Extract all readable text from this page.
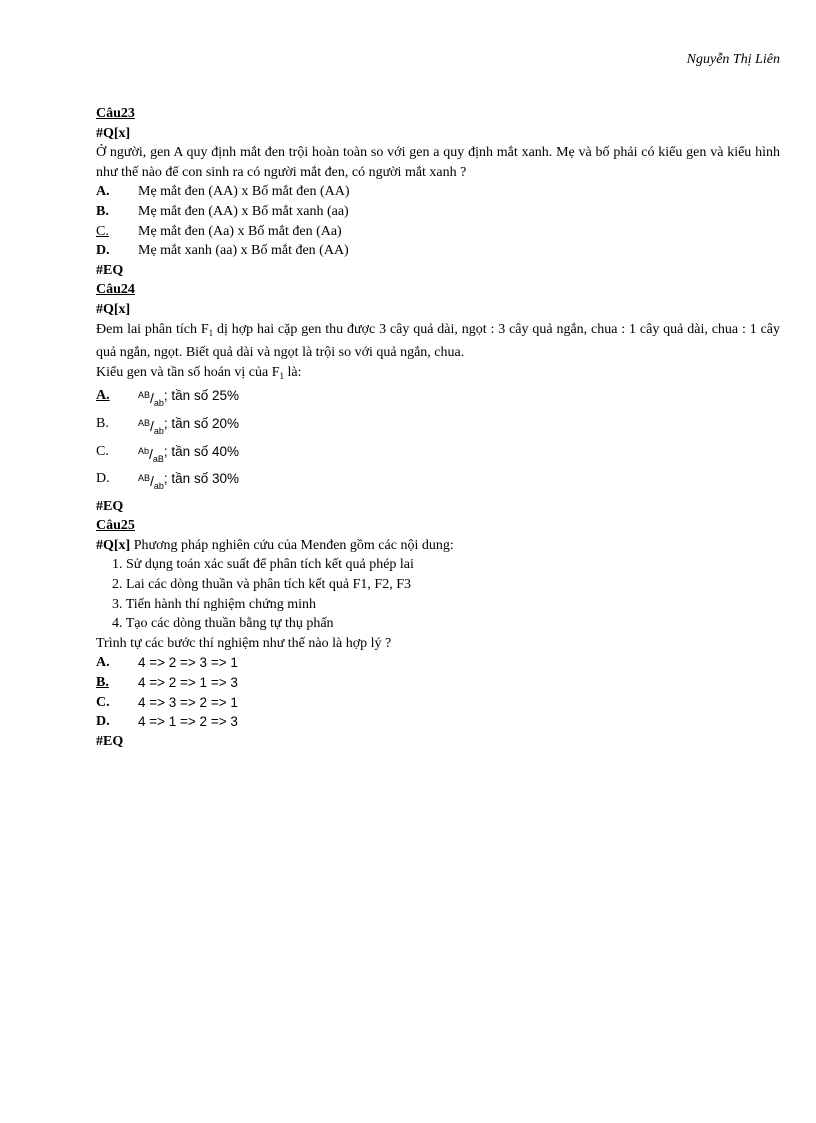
Nguyễn Thị Liên
Câu23
#Q[x]
Ở người, gen A quy định mắt đen trội hoàn toàn so với gen a quy định mắt xanh. Mẹ và bố phải có kiểu gen và kiểu hình như thế nào để con sinh ra có người mắt đen, có người mắt xanh ?
A.	Mẹ mắt đen (AA) x Bố mắt đen (AA)
B.	Mẹ mắt đen (AA) x Bố mắt xanh (aa)
C.	Mẹ mắt đen (Aa) x Bố mắt đen (Aa)
D.	Mẹ mắt xanh (aa) x Bố mắt đen (AA)
#EQ
Câu24
#Q[x]
Đem lai phân tích $F_1$ dị hợp hai cặp gen thu được 3 cây quả dài, ngọt : 3 cây quả ngắn, chua : 1 cây quả dài, chua : 1 cây quả ngắn, ngọt. Biết quả dài và ngọt là trội so với quả ngắn, chua.
Kiểu gen và tần số hoán vị của $F_1$ là:
A.	$^{AB}/_{ab}$ ; tần số 25%
B.	$^{AB}/_{ab}$ ; tần số 20%
C.	$^{Ab}/_{aB}$ ; tần số 40%
D.	$^{AB}/_{ab}$ ; tần số 30%
#EQ
Câu25
#Q[x] Phương pháp nghiên cứu của Menđen gồm các nội dung:
1. Sử dụng toán xác suất để phân tích kết quả phép lai
2. Lai các dòng thuần và phân tích kết quả F1, F2, F3
3. Tiến hành thí nghiệm chứng minh
4. Tạo các dòng thuần bằng tự thụ phấn
Trình tự các bước thí nghiệm như thế nào là hợp lý ?
A.	4 => 2 => 3 => 1
B.	4 => 2 => 1 => 3
C.	4 => 3 => 2 => 1
D.	4 => 1 => 2 => 3
#EQ
